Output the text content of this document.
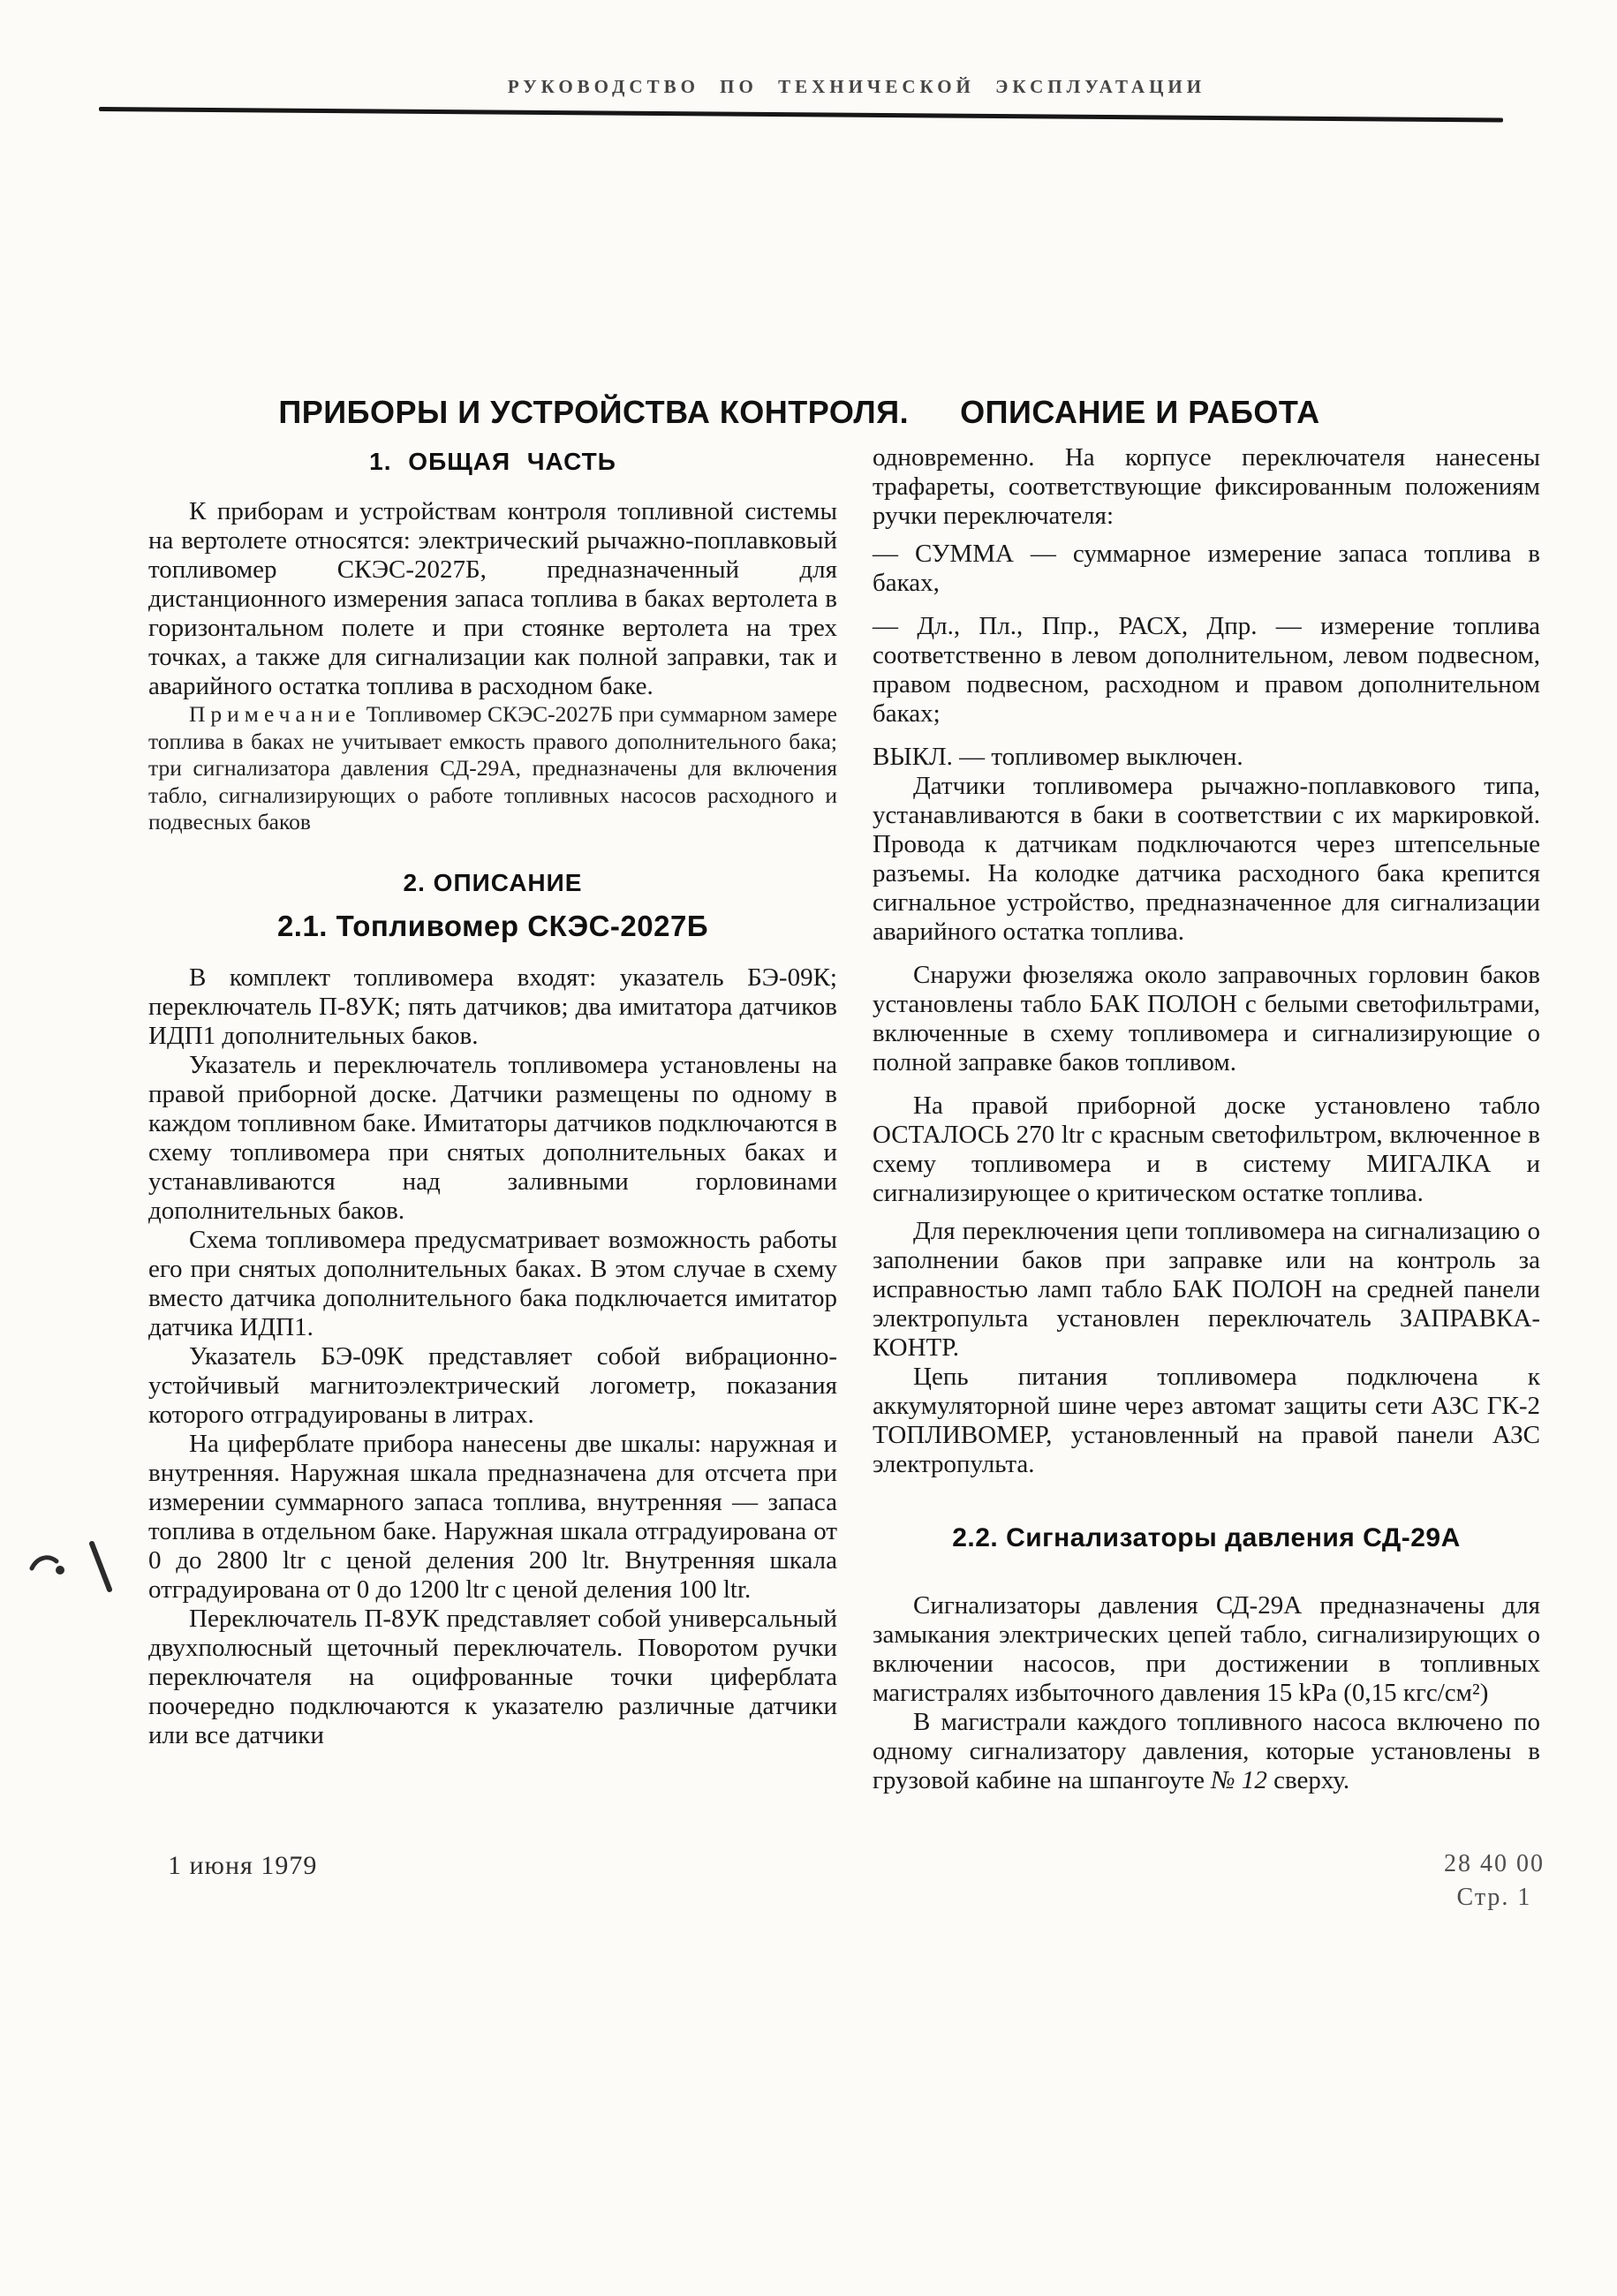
РУКОВОДСТВО ПО ТЕХНИЧЕСКОЙ ЭКСПЛУАТАЦИИ
ПРИБОРЫ И УСТРОЙСТВА КОНТРОЛЯ. ОПИСАНИЕ И РАБОТА
1. ОБЩАЯ ЧАСТЬ

К приборам и устройствам контроля топливной системы на вертолете относятся: электрический рычажно-поплавковый топливомер СКЭС-2027Б, предназначенный для дистанционного измерения запаса топлива в баках вертолета в горизонтальном полете и при стоянке вертолета на трех точках, а также для сигнализации как полной заправки, так и аварийного остатка топлива в расходном баке.

Примечание Топливомер СКЭС-2027Б при суммарном замере топлива в баках не учитывает емкость правого дополнительного бака; три сигнализатора давления СД-29А, предназначены для включения табло, сигнализирующих о работе топливных насосов расходного и подвесных баков

2. ОПИСАНИЕ
2.1. Топливомер СКЭС-2027Б

В комплект топливомера входят: указатель БЭ-09К; переключатель П-8УК; пять датчиков; два имитатора датчиков ИДП1 дополнительных баков.

Указатель и переключатель топливомера установлены на правой приборной доске. Датчики размещены по одному в каждом топливном баке. Имитаторы датчиков подключаются в схему топливомера при снятых дополнительных баках и устанавливаются над заливными горловинами дополнительных баков.

Схема топливомера предусматривает возможность работы его при снятых дополнительных баках. В этом случае в схему вместо датчика дополнительного бака подключается имитатор датчика ИДП1.

Указатель БЭ-09К представляет собой вибрационно-устойчивый магнитоэлектрический логометр, показания которого отградуированы в литрах.

На циферблате прибора нанесены две шкалы: наружная и внутренняя. Наружная шкала предназначена для отсчета при измерении суммарного запаса топлива, внутренняя — запаса топлива в отдельном баке. Наружная шкала отградуирована от 0 до 2800 ltr с ценой деления 200 ltr. Внутренняя шкала отградуирована от 0 до 1200 ltr с ценой деления 100 ltr.

Переключатель П-8УК представляет собой универсальный двухполюсный щеточный переключатель. Поворотом ручки переключателя на оцифрованные точки циферблата поочередно подключаются к указателю различные датчики или все датчики

одновременно. На корпусе переключателя нанесены трафареты, соответствующие фиксированным положениям ручки переключателя:

— СУММА — суммарное измерение запаса топлива в баках,

— Дл., Пл., Ппр., РАСХ, Дпр. — измерение топлива соответственно в левом дополнительном, левом подвесном, правом подвесном, расходном и правом дополнительном баках;

ВЫКЛ. — топливомер выключен.

Датчики топливомера рычажно-поплавкового типа, устанавливаются в баки в соответствии с их маркировкой. Провода к датчикам подключаются через штепсельные разъемы. На колодке датчика расходного бака крепится сигнальное устройство, предназначенное для сигнализации аварийного остатка топлива.

Снаружи фюзеляжа около заправочных горловин баков установлены табло БАК ПОЛОН с белыми светофильтрами, включенные в схему топливомера и сигнализирующие о полной заправке баков топливом.

На правой приборной доске установлено табло ОСТАЛОСЬ 270 ltr с красным светофильтром, включенное в схему топливомера и в систему МИГАЛКА и сигнализирующее о критическом остатке топлива.

Для переключения цепи топливомера на сигнализацию о заполнении баков при заправке или на контроль за исправностью ламп табло БАК ПОЛОН на средней панели электропульта установлен переключатель ЗАПРАВКА-КОНТР.

Цепь питания топливомера подключена к аккумуляторной шине через автомат защиты сети АЗС ГК-2 ТОПЛИВОМЕР, установленный на правой панели АЗС электропульта.

2.2. Сигнализаторы давления СД-29А

Сигнализаторы давления СД-29А предназначены для замыкания электрических цепей табло, сигнализирующих о включении насосов, при достижении в топливных магистралях избыточного давления 15 kPa (0,15 кгс/см²)

В магистрали каждого топливного насоса включено по одному сигнализатору давления, которые установлены в грузовой кабине на шпангоуте № 12 сверху.

1 июня 1979	28 40 00
Стр. 1
